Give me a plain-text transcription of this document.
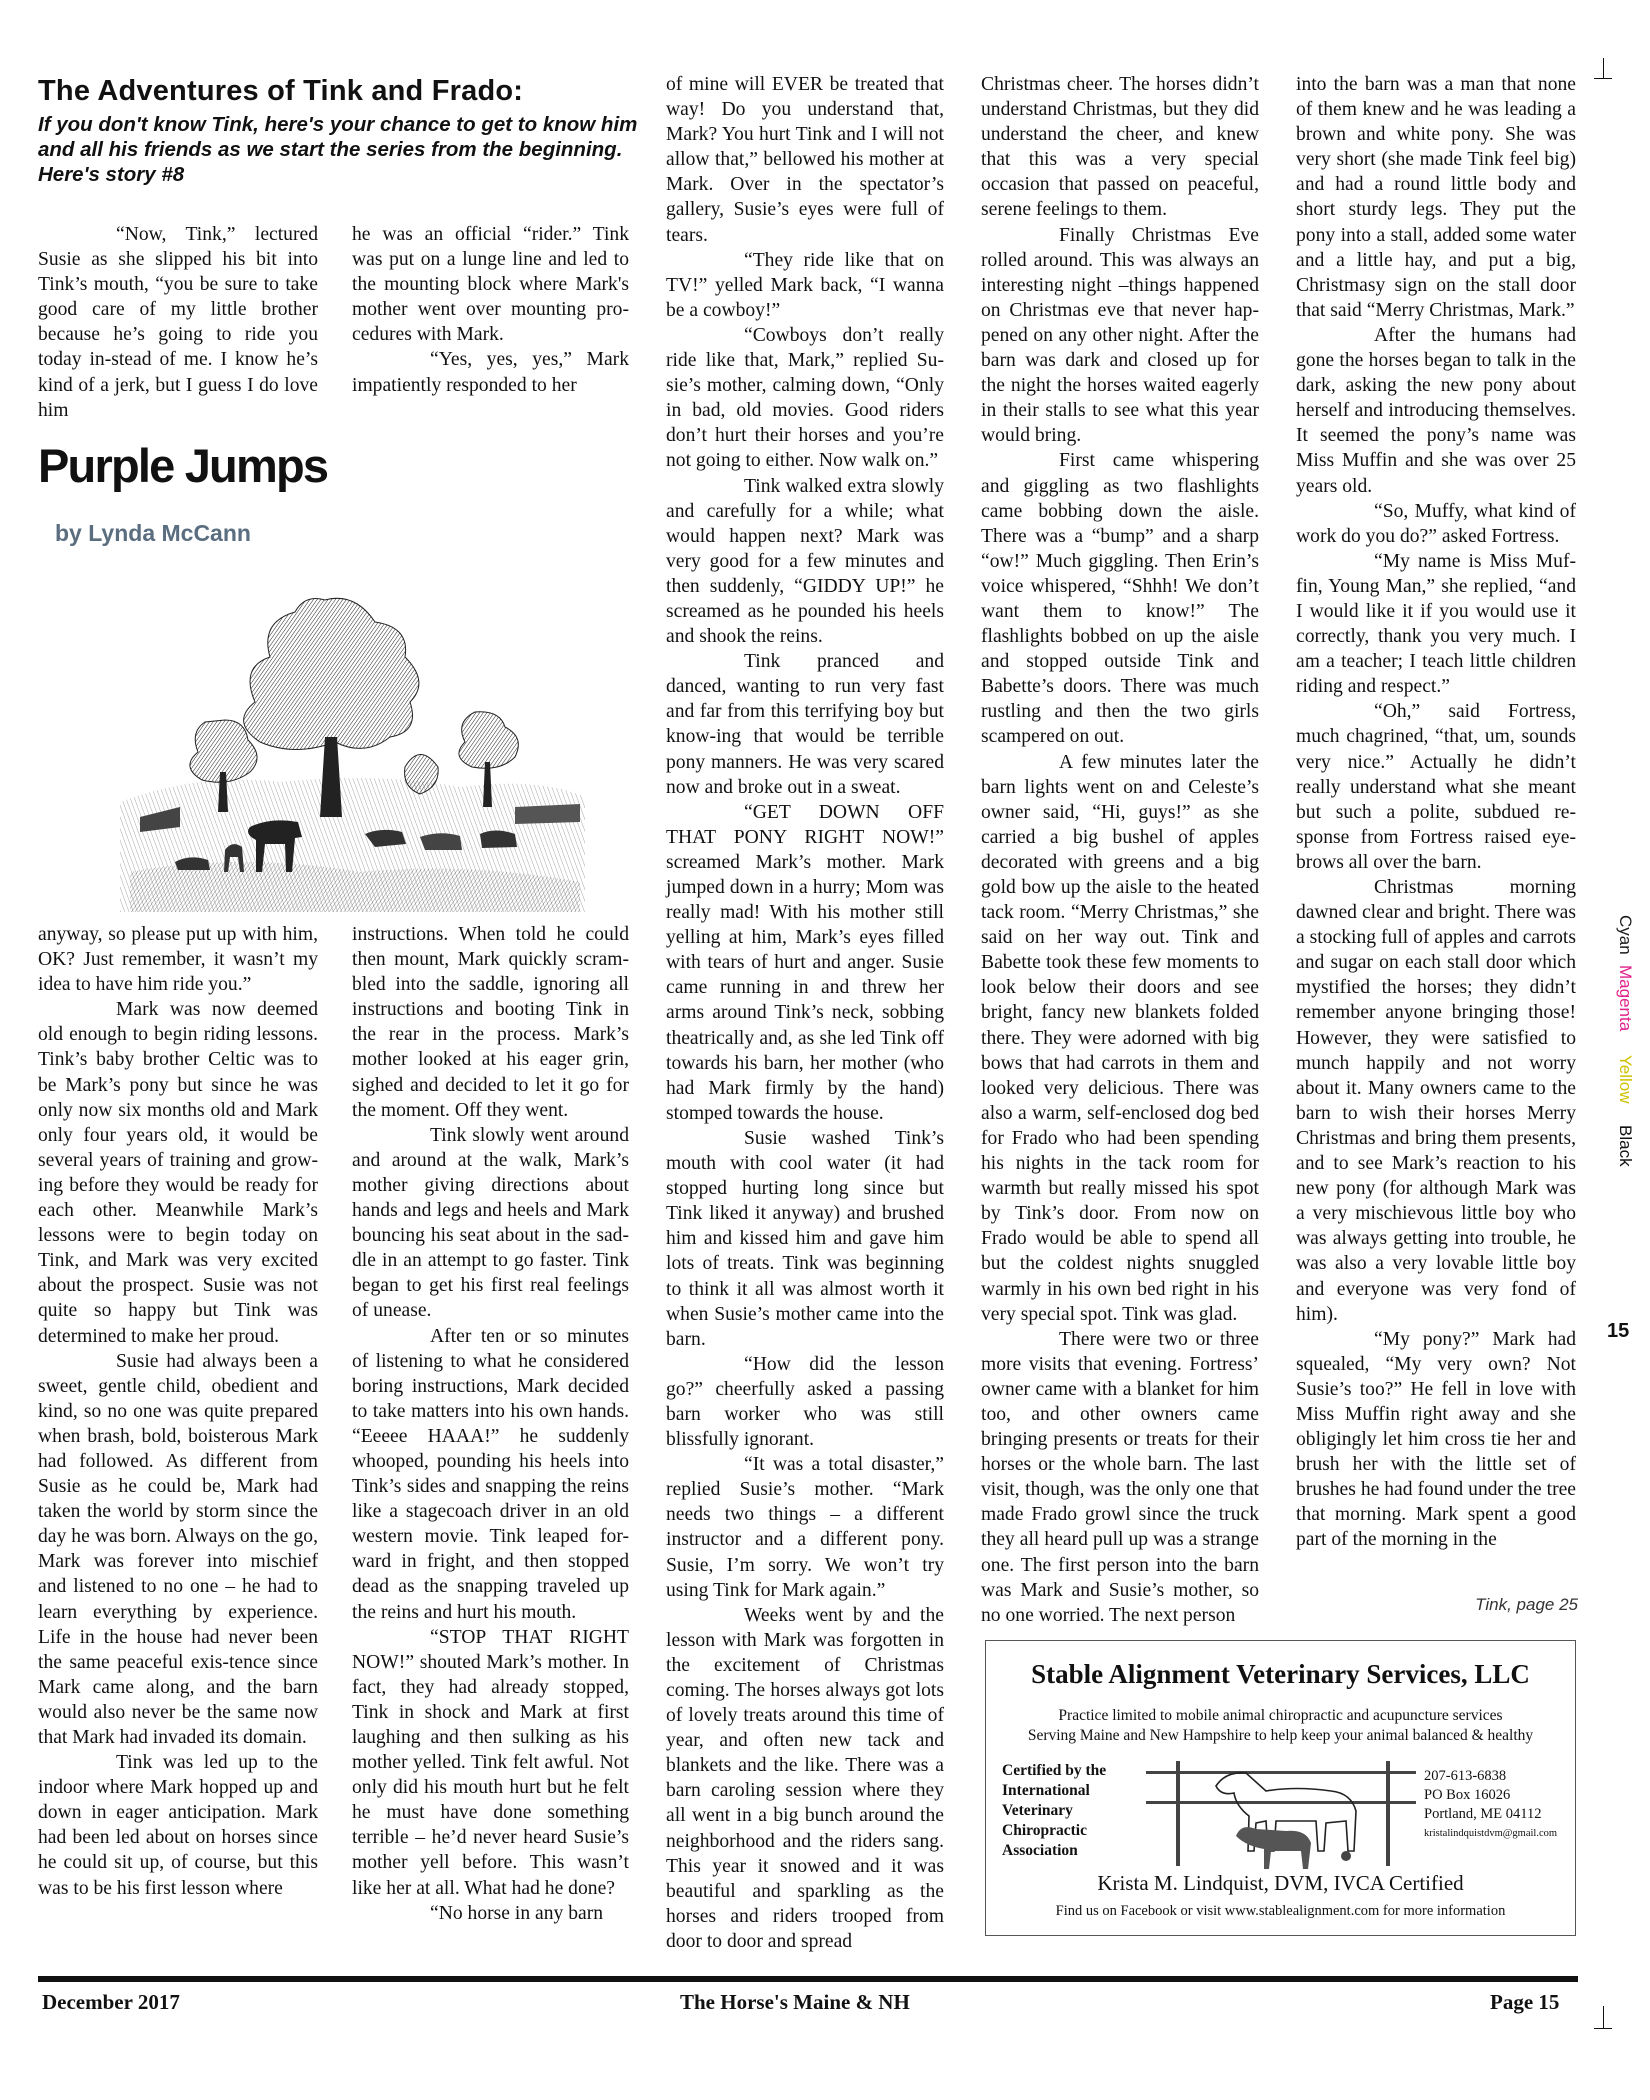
The Adventures of Tink and Frado:
If you don't know Tink, here's your chance to get to know him and all his friends as we start the series from the beginning. Here's story #8

“Now, Tink,” lectured Susie as she slipped his bit into Tink’s mouth, “you be sure to take good care of my little brother because he’s going to ride you today in-stead of me. I know he’s kind of a jerk, but I guess I do love him

he was an official “rider.” Tink was put on a lunge line and led to the mounting block where Mark's mother went over mounting pro-cedures with Mark.

“Yes, yes, yes,” Mark impatiently responded to her

Purple Jumps
by Lynda McCann

anyway, so please put up with him, OK? Just remember, it wasn’t my idea to have him ride you.”

Mark was now deemed old enough to begin riding lessons. Tink’s baby brother Celtic was to be Mark’s pony but since he was only now six months old and Mark only four years old, it would be several years of training and grow-ing before they would be ready for each other. Meanwhile Mark’s lessons were to begin today on Tink, and Mark was very excited about the prospect. Susie was not quite so happy but Tink was determined to make her proud.

Susie had always been a sweet, gentle child, obedient and kind, so no one was quite prepared when brash, bold, boisterous Mark had followed. As different from Susie as he could be, Mark had taken the world by storm since the day he was born. Always on the go, Mark was forever into mischief and listened to no one – he had to learn everything by experience. Life in the house had never been the same peaceful exis-tence since Mark came along, and the barn would also never be the same now that Mark had invaded its domain.

Tink was led up to the indoor where Mark hopped up and down in eager anticipation. Mark had been led about on horses since he could sit up, of course, but this was to be his first lesson where

instructions. When told he could then mount, Mark quickly scram-bled into the saddle, ignoring all instructions and booting Tink in the rear in the process. Mark’s mother looked at his eager grin, sighed and decided to let it go for the moment. Off they went.

Tink slowly went around and around at the walk, Mark’s mother giving directions about hands and legs and heels and Mark bouncing his seat about in the sad-dle in an attempt to go faster. Tink began to get his first real feelings of unease.

After ten or so minutes of listening to what he considered boring instructions, Mark decided to take matters into his own hands. “Eeeee HAAA!” he suddenly whooped, pounding his heels into Tink’s sides and snapping the reins like a stagecoach driver in an old western movie. Tink leaped for-ward in fright, and then stopped dead as the snapping traveled up the reins and hurt his mouth.

“STOP THAT RIGHT NOW!” shouted Mark’s mother. In fact, they had already stopped, Tink in shock and Mark at first laughing and then sulking as his mother yelled. Tink felt awful. Not only did his mouth hurt but he felt he must have done something terrible – he’d never heard Susie’s mother yell before. This wasn’t like her at all. What had he done?

“No horse in any barn

of mine will EVER be treated that way! Do you understand that, Mark? You hurt Tink and I will not allow that,” bellowed his mother at Mark. Over in the spectator’s gallery, Susie’s eyes were full of tears.

“They ride like that on TV!” yelled Mark back, “I wanna be a cowboy!”

“Cowboys don’t really ride like that, Mark,” replied Su-sie’s mother, calming down, “Only in bad, old movies. Good riders don’t hurt their horses and you’re not going to either. Now walk on.”

Tink walked extra slowly and carefully for a while; what would happen next? Mark was very good for a few minutes and then suddenly, “GIDDY UP!” he screamed as he pounded his heels and shook the reins.

Tink pranced and danced, wanting to run very fast and far from this terrifying boy but know-ing that would be terrible pony manners. He was very scared now and broke out in a sweat.

“GET DOWN OFF THAT PONY RIGHT NOW!” screamed Mark’s mother. Mark jumped down in a hurry; Mom was really mad! With his mother still yelling at him, Mark’s eyes filled with tears of hurt and anger. Susie came running in and threw her arms around Tink’s neck, sobbing theatrically and, as she led Tink off towards his barn, her mother (who had Mark firmly by the hand) stomped towards the house.

Susie washed Tink’s mouth with cool water (it had stopped hurting long since but Tink liked it anyway) and brushed him and kissed him and gave him lots of treats. Tink was beginning to think it all was almost worth it when Susie’s mother came into the barn.

“How did the lesson go?” cheerfully asked a passing barn worker who was still blissfully ignorant.

“It was a total disaster,” replied Susie’s mother. “Mark needs two things – a different instructor and a different pony. Susie, I’m sorry. We won’t try using Tink for Mark again.”

Weeks went by and the lesson with Mark was forgotten in the excitement of Christmas coming. The horses always got lots of lovely treats around this time of year, and often new tack and blankets and the like. There was a barn caroling session where they all went in a big bunch around the neighborhood and the riders sang. This year it snowed and it was beautiful and sparkling as the horses and riders trooped from door to door and spread

Christmas cheer. The horses didn’t understand Christmas, but they did understand the cheer, and knew that this was a very special occasion that passed on peaceful, serene feelings to them.

Finally Christmas Eve rolled around. This was always an interesting night –things happened on Christmas eve that never hap-pened on any other night. After the barn was dark and closed up for the night the horses waited eagerly in their stalls to see what this year would bring.

First came whispering and giggling as two flashlights came bobbing down the aisle. There was a “bump” and a sharp “ow!” Much giggling. Then Erin’s voice whispered, “Shhh! We don’t want them to know!” The flashlights bobbed on up the aisle and stopped outside Tink and Babette’s doors. There was much rustling and then the two girls scampered on out.

A few minutes later the barn lights went on and Celeste’s owner said, “Hi, guys!” as she carried a big bushel of apples decorated with greens and a big gold bow up the aisle to the heated tack room. “Merry Christmas,” she said on her way out. Tink and Babette took these few moments to look below their doors and see bright, fancy new blankets folded there. They were adorned with big bows that had carrots in them and looked very delicious. There was also a warm, self-enclosed dog bed for Frado who had been spending his nights in the tack room for warmth but really missed his spot by Tink’s door. From now on Frado would be able to spend all but the coldest nights snuggled warmly in his own bed right in his very special spot. Tink was glad.

There were two or three more visits that evening. Fortress’ owner came with a blanket for him too, and other owners came bringing presents or treats for their horses or the whole barn. The last visit, though, was the only one that made Frado growl since the truck they all heard pull up was a strange one. The first person into the barn was Mark and Susie’s mother, so no one worried. The next person

into the barn was a man that none of them knew and he was leading a brown and white pony. She was very short (she made Tink feel big) and had a round little body and short sturdy legs. They put the pony into a stall, added some water and a little hay, and put a big, Christmasy sign on the stall door that said “Merry Christmas, Mark.”

After the humans had gone the horses began to talk in the dark, asking the new pony about herself and introducing themselves. It seemed the pony’s name was Miss Muffin and she was over 25 years old.

“So, Muffy, what kind of work do you do?” asked Fortress.

“My name is Miss Muf-fin, Young Man,” she replied, “and I would like it if you would use it correctly, thank you very much. I am a teacher; I teach little children riding and respect.”

“Oh,” said Fortress, much chagrined, “that, um, sounds very nice.” Actually he didn’t really understand what she meant but such a polite, subdued re-sponse from Fortress raised eye-brows all over the barn.

Christmas morning dawned clear and bright. There was a stocking full of apples and carrots and sugar on each stall door which mystified the horses; they didn’t remember anyone bringing those! However, they were satisfied to munch happily and not worry about it. Many owners came to the barn to wish their horses Merry Christmas and bring them presents, and to see Mark’s reaction to his new pony (for although Mark was a very mischievous little boy who was always getting into trouble, he was also a very lovable little boy and everyone was very fond of him).

“My pony?” Mark had squealed, “My very own? Not Susie’s too?” He fell in love with Miss Muffin right away and she obligingly let him cross tie her and brush her with the little set of brushes he had found under the tree that morning. Mark spent a good part of the morning in the

Cyan
Magenta
Yellow
Black
15
Tink, page 25
Stable Alignment Veterinary Services, LLC
Practice limited to mobile animal chiropractic and acupuncture services
Serving Maine and New Hampshire to help keep your animal balanced & healthy
Certified by the International Veterinary Chiropractic Association
207-613-6838
PO Box 16026
Portland, ME 04112
kristalindquistdvm@gmail.com
Krista M. Lindquist, DVM, IVCA Certified
Find us on Facebook or visit www.stablealignment.com for more information
December 2017	The Horse's Maine & NH	Page 15
